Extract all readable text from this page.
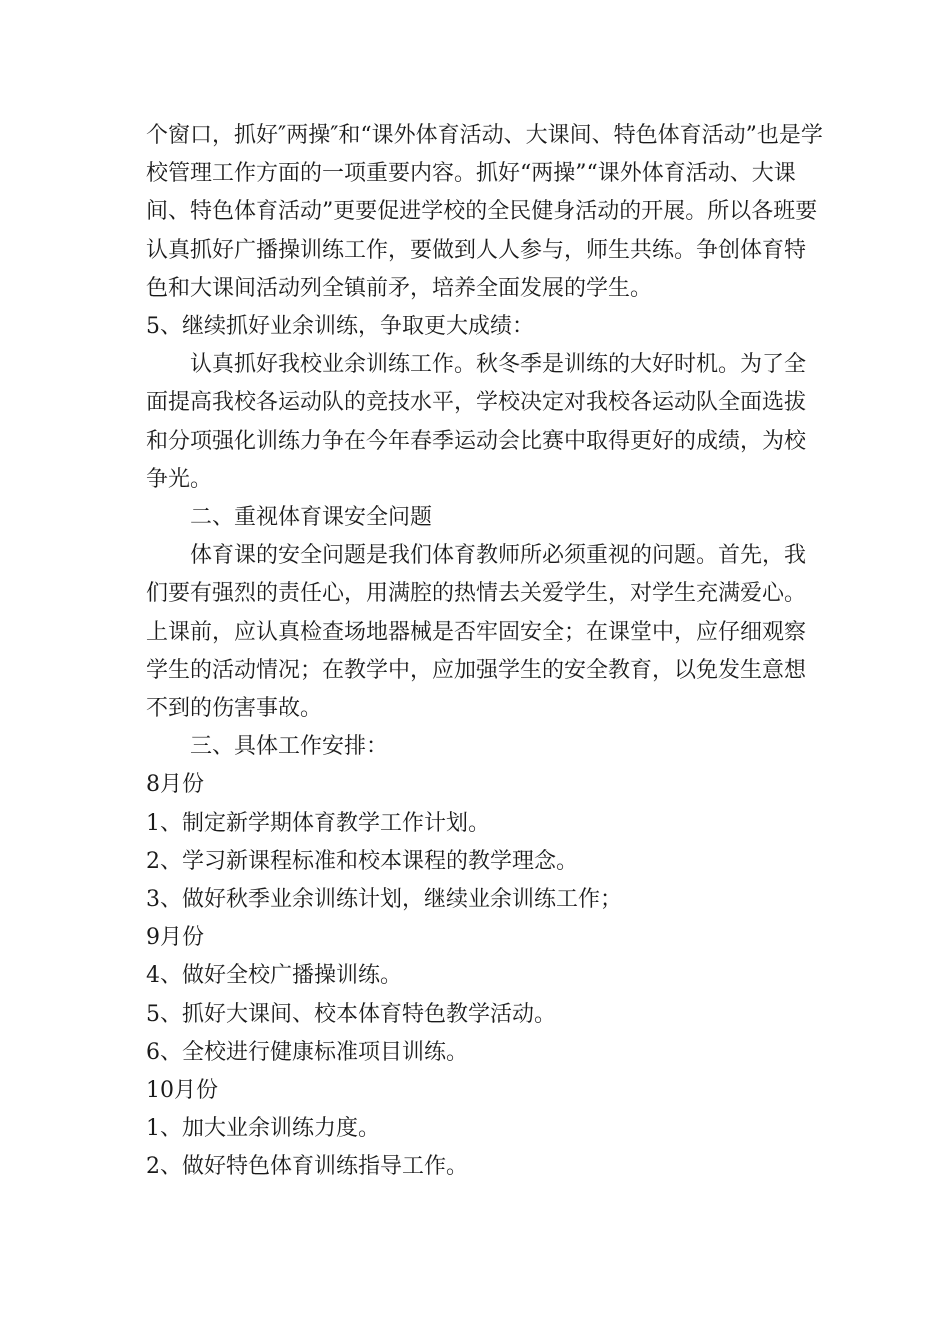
个窗口，抓好″两操″和“课外体育活动、大课间、特色体育活动”也是学校管理工作方面的一项重要内容。抓好“两操”“课外体育活动、大课间、特色体育活动”更要促进学校的全民健身活动的开展。所以各班要认真抓好广播操训练工作，要做到人人参与，师生共练。争创体育特色和大课间活动列全镇前矛，培养全面发展的学生。

5、继续抓好业余训练，争取更大成绩：

认真抓好我校业余训练工作。秋冬季是训练的大好时机。为了全面提高我校各运动队的竞技水平，学校决定对我校各运动队全面选拔和分项强化训练力争在今年春季运动会比赛中取得更好的成绩，为校争光。

二、重视体育课安全问题

体育课的安全问题是我们体育教师所必须重视的问题。首先，我们要有强烈的责任心，用满腔的热情去关爱学生，对学生充满爱心。上课前，应认真检查场地器械是否牢固安全；在课堂中，应仔细观察学生的活动情况；在教学中，应加强学生的安全教育，以免发生意想不到的伤害事故。

三、具体工作安排：

8月份

1、制定新学期体育教学工作计划。

2、学习新课程标准和校本课程的教学理念。

3、做好秋季业余训练计划，继续业余训练工作；

9月份

4、做好全校广播操训练。

5、抓好大课间、校本体育特色教学活动。

6、全校进行健康标准项目训练。

10月份

1、加大业余训练力度。

2、做好特色体育训练指导工作。
